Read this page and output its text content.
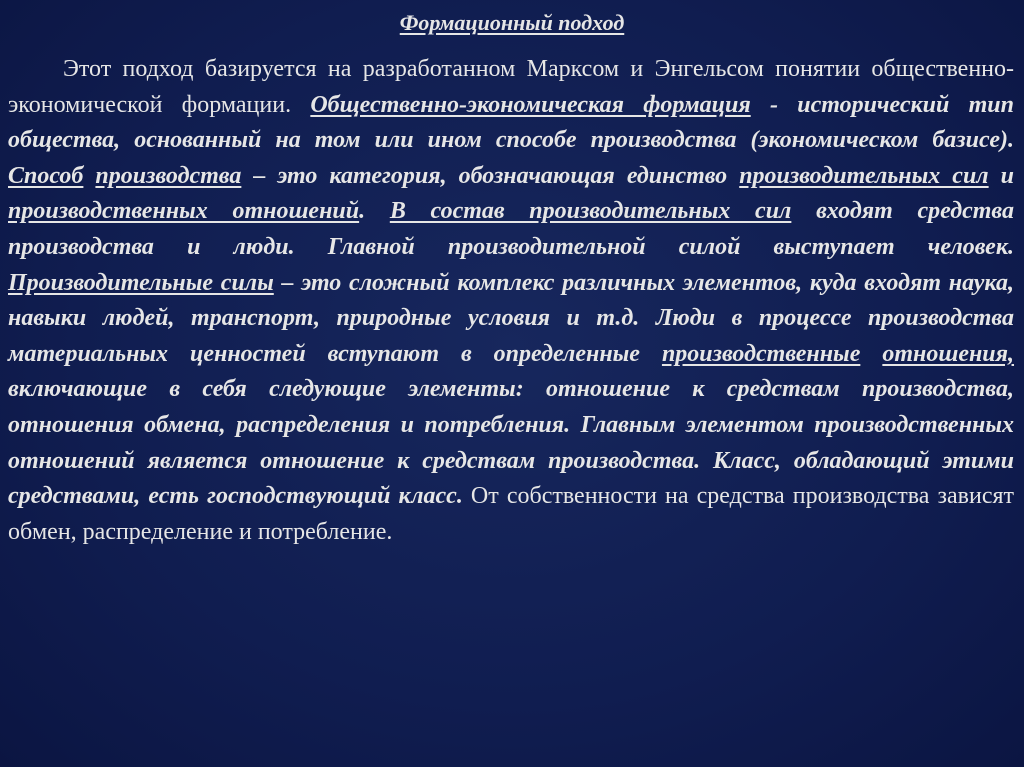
Формационный подход

Этот подход базируется на разработанном Марксом и Энгельсом понятии общественно-экономической формации. Общественно-экономическая формация - исторический тип общества, основанный на том или ином способе производства (экономическом базисе). Способ производства – это категория, обозначающая единство производительных сил и производственных отношений. В состав производительных сил входят средства производства и люди. Главной производительной силой выступает человек. Производительные силы – это сложный комплекс различных элементов, куда входят наука, навыки людей, транспорт, природные условия и т.д. Люди в процессе производства материальных ценностей вступают в определенные производственные отношения, включающие в себя следующие элементы: отношение к средствам производства, отношения обмена, распределения и потребления. Главным элементом производственных отношений является отношение к средствам производства. Класс, обладающий этими средствами, есть господствующий класс. От собственности на средства производства зависят обмен, распределение и потребление.
